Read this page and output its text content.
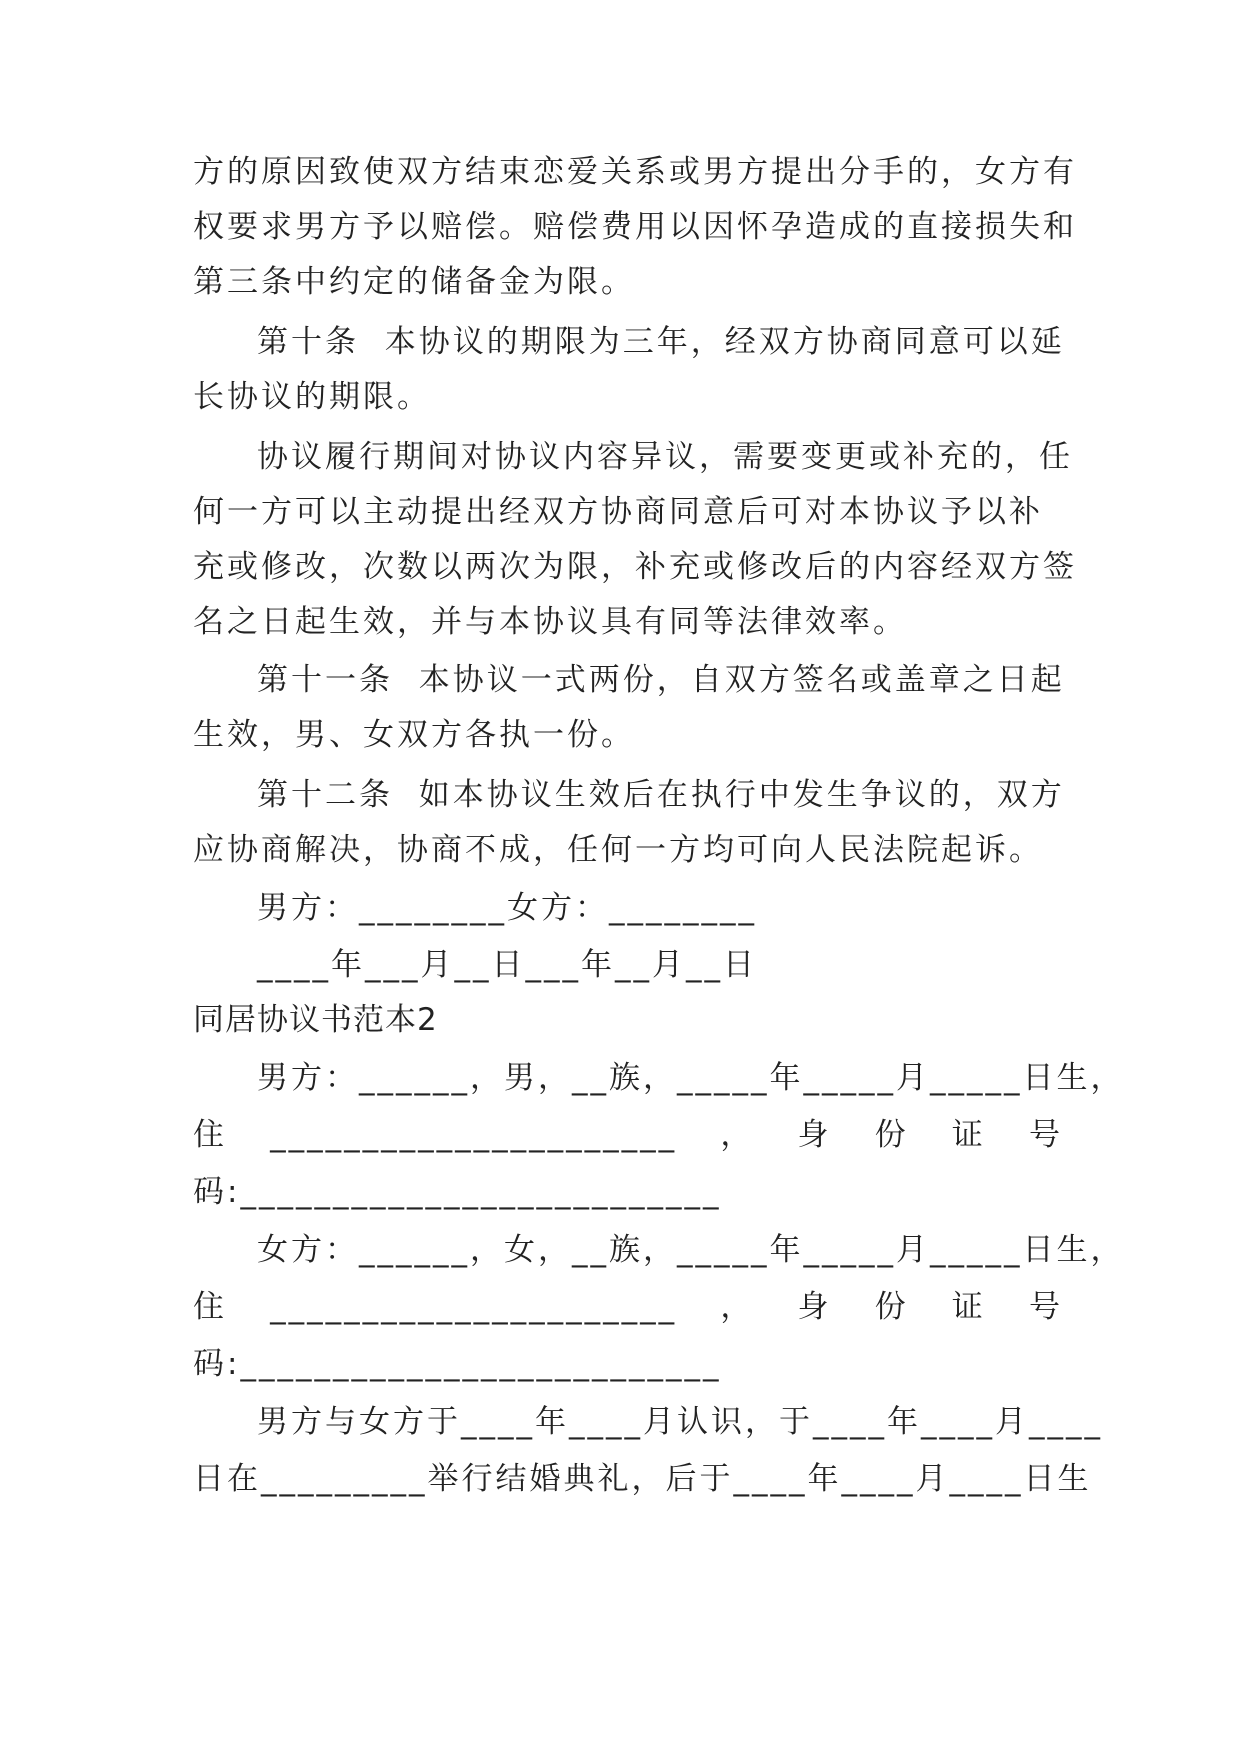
方的原因致使双方结束恋爱关系或男方提出分手的，女方有
权要求男方予以赔偿。赔偿费用以因怀孕造成的直接损失和
第三条中约定的储备金为限。
第十条  本协议的期限为三年，经双方协商同意可以延
长协议的期限。
协议履行期间对协议内容异议，需要变更或补充的，任
何一方可以主动提出经双方协商同意后可对本协议予以补
充或修改，次数以两次为限，补充或修改后的内容经双方签
名之日起生效，并与本协议具有同等法律效率。
第十一条  本协议一式两份，自双方签名或盖章之日起
生效，男、女双方各执一份。
第十二条  如本协议生效后在执行中发生争议的，双方
应协商解决，协商不成，任何一方均可向人民法院起诉。
男方：________女方：________
____年___月__日___年__月__日
同居协议书范本2
男方：______，男，__族，_____年_____月_____日生，
住 ______________________ ， 身 份 证 号
码:__________________________
女方：______，女，__族，_____年_____月_____日生，
住 ______________________ ， 身 份 证 号
码:__________________________
男方与女方于____年____月认识，于____年____月____
日在_________举行结婚典礼，后于____年____月____日生
